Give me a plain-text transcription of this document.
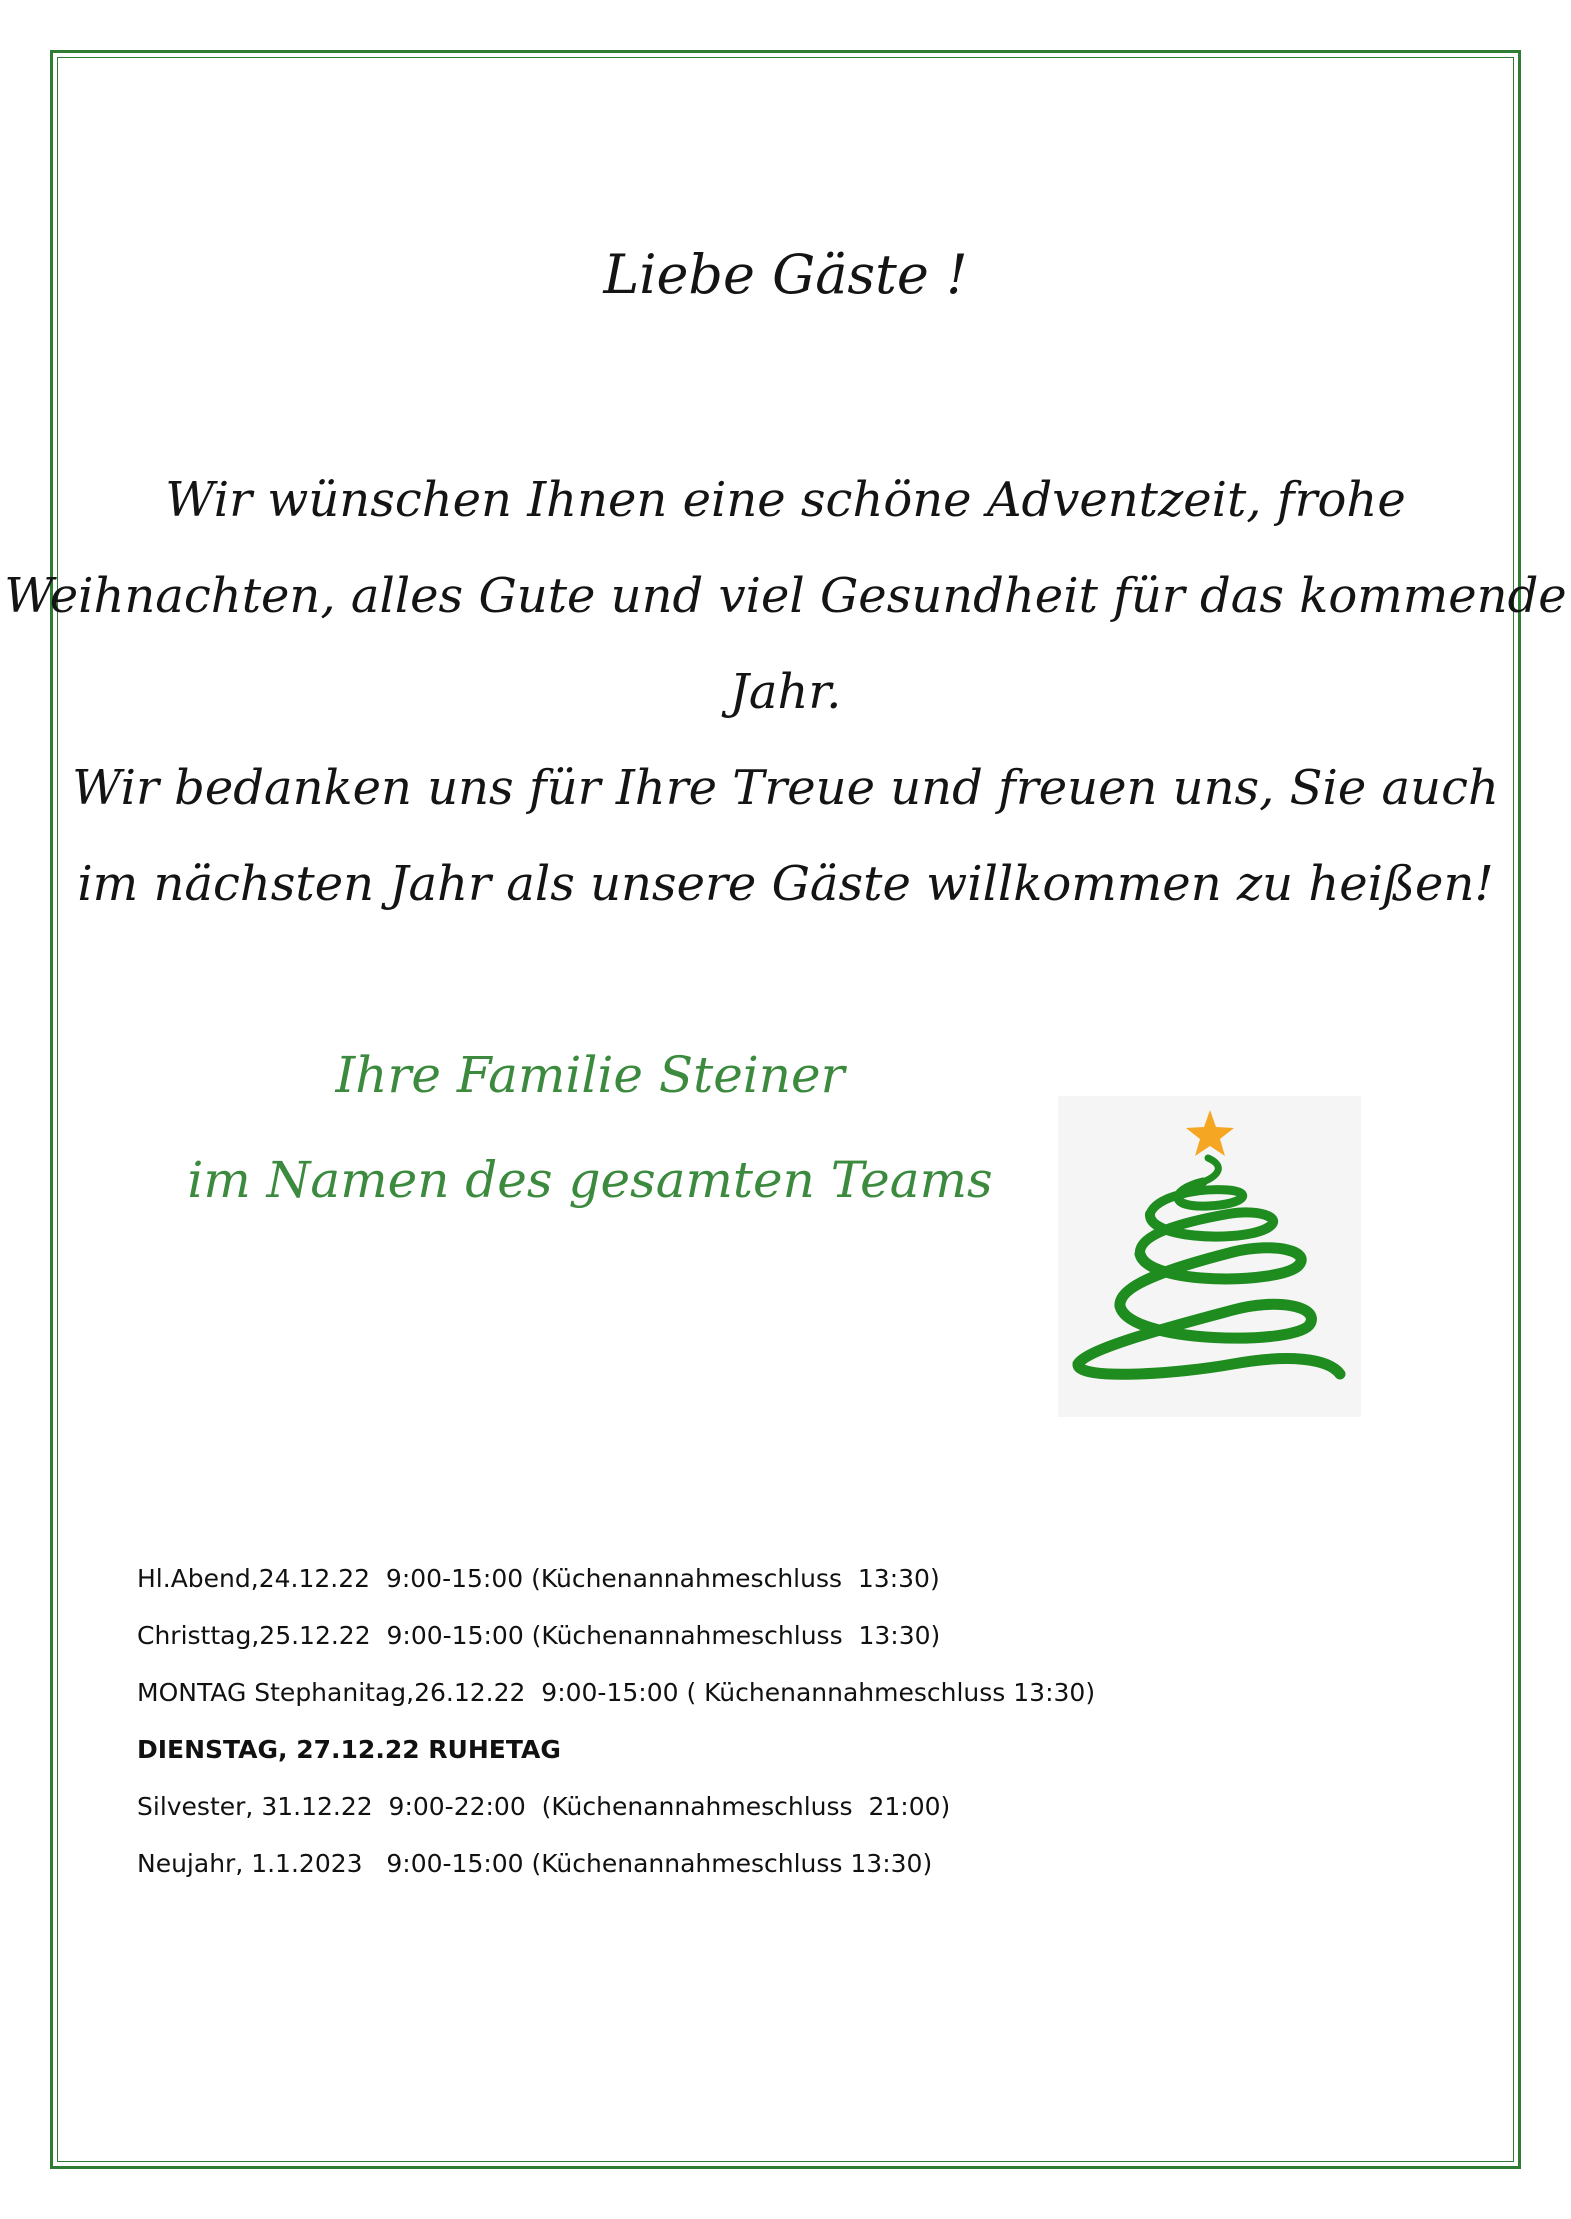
Liebe Gäste !
Wir wünschen Ihnen eine schöne Adventzeit, frohe
Weihnachten, alles Gute und viel Gesundheit für das kommende
Jahr.
Wir bedanken uns für Ihre Treue und freuen uns, Sie auch
im nächsten Jahr als unsere Gäste willkommen zu heißen!
Ihre Familie Steiner
im Namen des gesamten Teams
Hl.Abend,24.12.22  9:00-15:00 (Küchenannahmeschluss  13:30)
Christtag,25.12.22  9:00-15:00 (Küchenannahmeschluss  13:30)
MONTAG Stephanitag,26.12.22  9:00-15:00 ( Küchenannahmeschluss 13:30)
DIENSTAG, 27.12.22 RUHETAG
Silvester, 31.12.22  9:00-22:00  (Küchenannahmeschluss  21:00)
Neujahr, 1.1.2023   9:00-15:00 (Küchenannahmeschluss 13:30)
